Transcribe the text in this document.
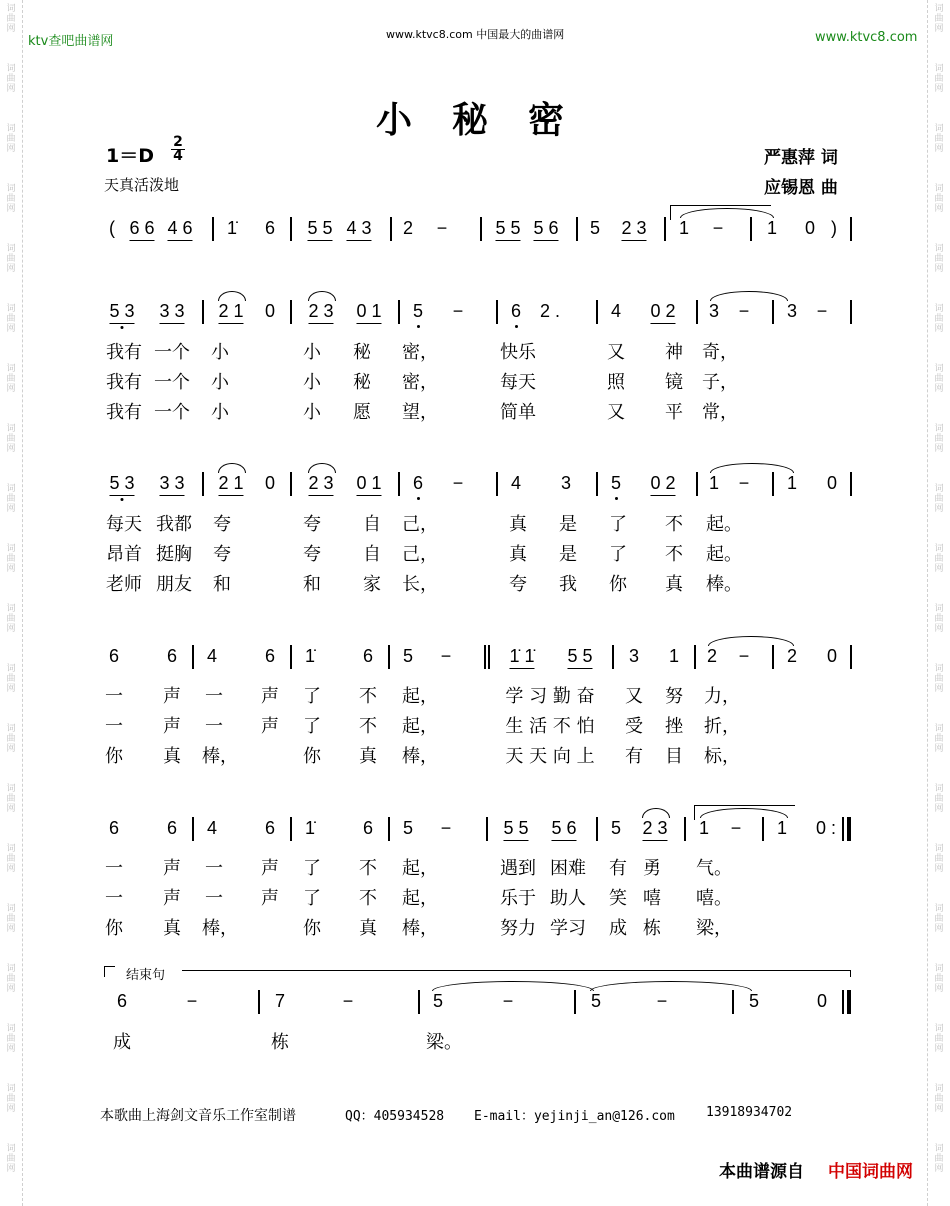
词曲网
词曲网
词曲网
词曲网
词曲网
词曲网
词曲网
词曲网
词曲网
词曲网
词曲网
词曲网
词曲网
词曲网
词曲网
词曲网
词曲网
词曲网
词曲网
词曲网
词曲网
词曲网
词曲网
词曲网
词曲网
词曲网
词曲网
词曲网
词曲网
词曲网
词曲网
词曲网
词曲网
词曲网
词曲网
词曲网
词曲网
词曲网
词曲网
词曲网
ktv查吧曲谱网	www.ktvc8.com 中国最大的曲谱网	www.ktvc8.com
小秘密
1＝D
2
4
天真活泼地
严惠萍 词
应锡恩 曲
( 6 6 4 6 1̇ 6 5 5 4 3 2 −	5 5 5 6 5 2 3 1 − 1 0 )
5 3 3 3 2 1 0 2 3 0 1 5 −	6 2 .	4 0 2 3 − 3 −
我有 一个 小	小 秘 密，	快乐	又 神 奇，
我有 一个 小	小 秘 密，	每天	照 镜 子，
我有 一个 小	小 愿 望，	简单	又 平 常，
5 3 3 3 2 1 0 2 3 0 1 6 −	4 3 5 0 2 1 − 1 0
每天 我都 夸	夸 自 己，	真 是 了 不 起。
昂首 挺胸 夸	夸 自 己，	真 是 了 不 起。
老师 朋友 和	和 家 长，	夸 我 你 真 棒。
6	6 4	6 1̇	6 5 −	1̇ 1̇ 5 5 3 1 2 − 2 0
一 声 一 声 了 不 起，	学 习 勤 奋 又 努 力，
一 声 一 声 了 不 起，	生 活 不 怕 受 挫 折，
你 真 棒，	你 真 棒，	天 天 向 上 有 目 标，
6	6 4	6 1̇	6 5 −	5 5 5 6 5 2 3 1 − 1 0 :
一 声 一 声 了 不 起，	遇到 困难 有 勇 气。
一 声 一 声 了 不 起，	乐于 助人 笑 嘻 嘻。
你 真 棒，	你 真 棒，	努力 学习 成 栋 梁，
结束句
6	−	7	−	5	−	5	−	5	0
成	栋	梁。
本歌曲上海剑文音乐工作室制谱	QQ：405934528 E-mail：yejinji_an@126.com 13918934702
本曲谱源自 中国词曲网
